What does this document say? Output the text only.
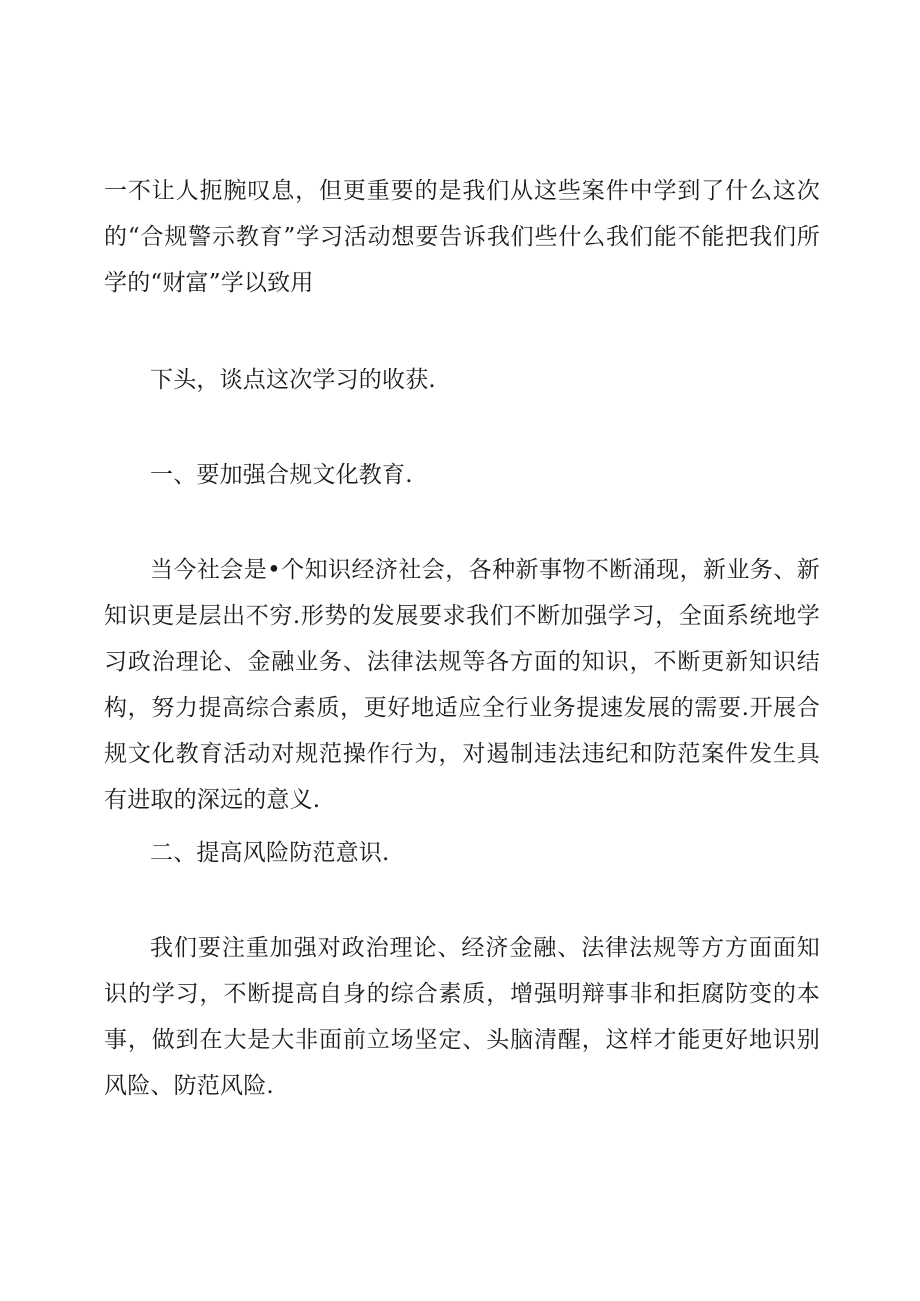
一不让人扼腕叹息，但更重要的是我们从这些案件中学到了什么这次的“合规警示教育”学习活动想要告诉我们些什么我们能不能把我们所学的“财富”学以致用

下头，谈点这次学习的收获.

一、要加强合规文化教育.

当今社会是•个知识经济社会，各种新事物不断涌现，新业务、新知识更是层出不穷.形势的发展要求我们不断加强学习，全面系统地学习政治理论、金融业务、法律法规等各方面的知识，不断更新知识结构，努力提高综合素质，更好地适应全行业务提速发展的需要.开展合规文化教育活动对规范操作行为，对遏制违法违纪和防范案件发生具有进取的深远的意义.

二、提高风险防范意识.

我们要注重加强对政治理论、经济金融、法律法规等方方面面知识的学习，不断提高自身的综合素质，增强明辩事非和拒腐防变的本事，做到在大是大非面前立场坚定、头脑清醒，这样才能更好地识别风险、防范风险.
